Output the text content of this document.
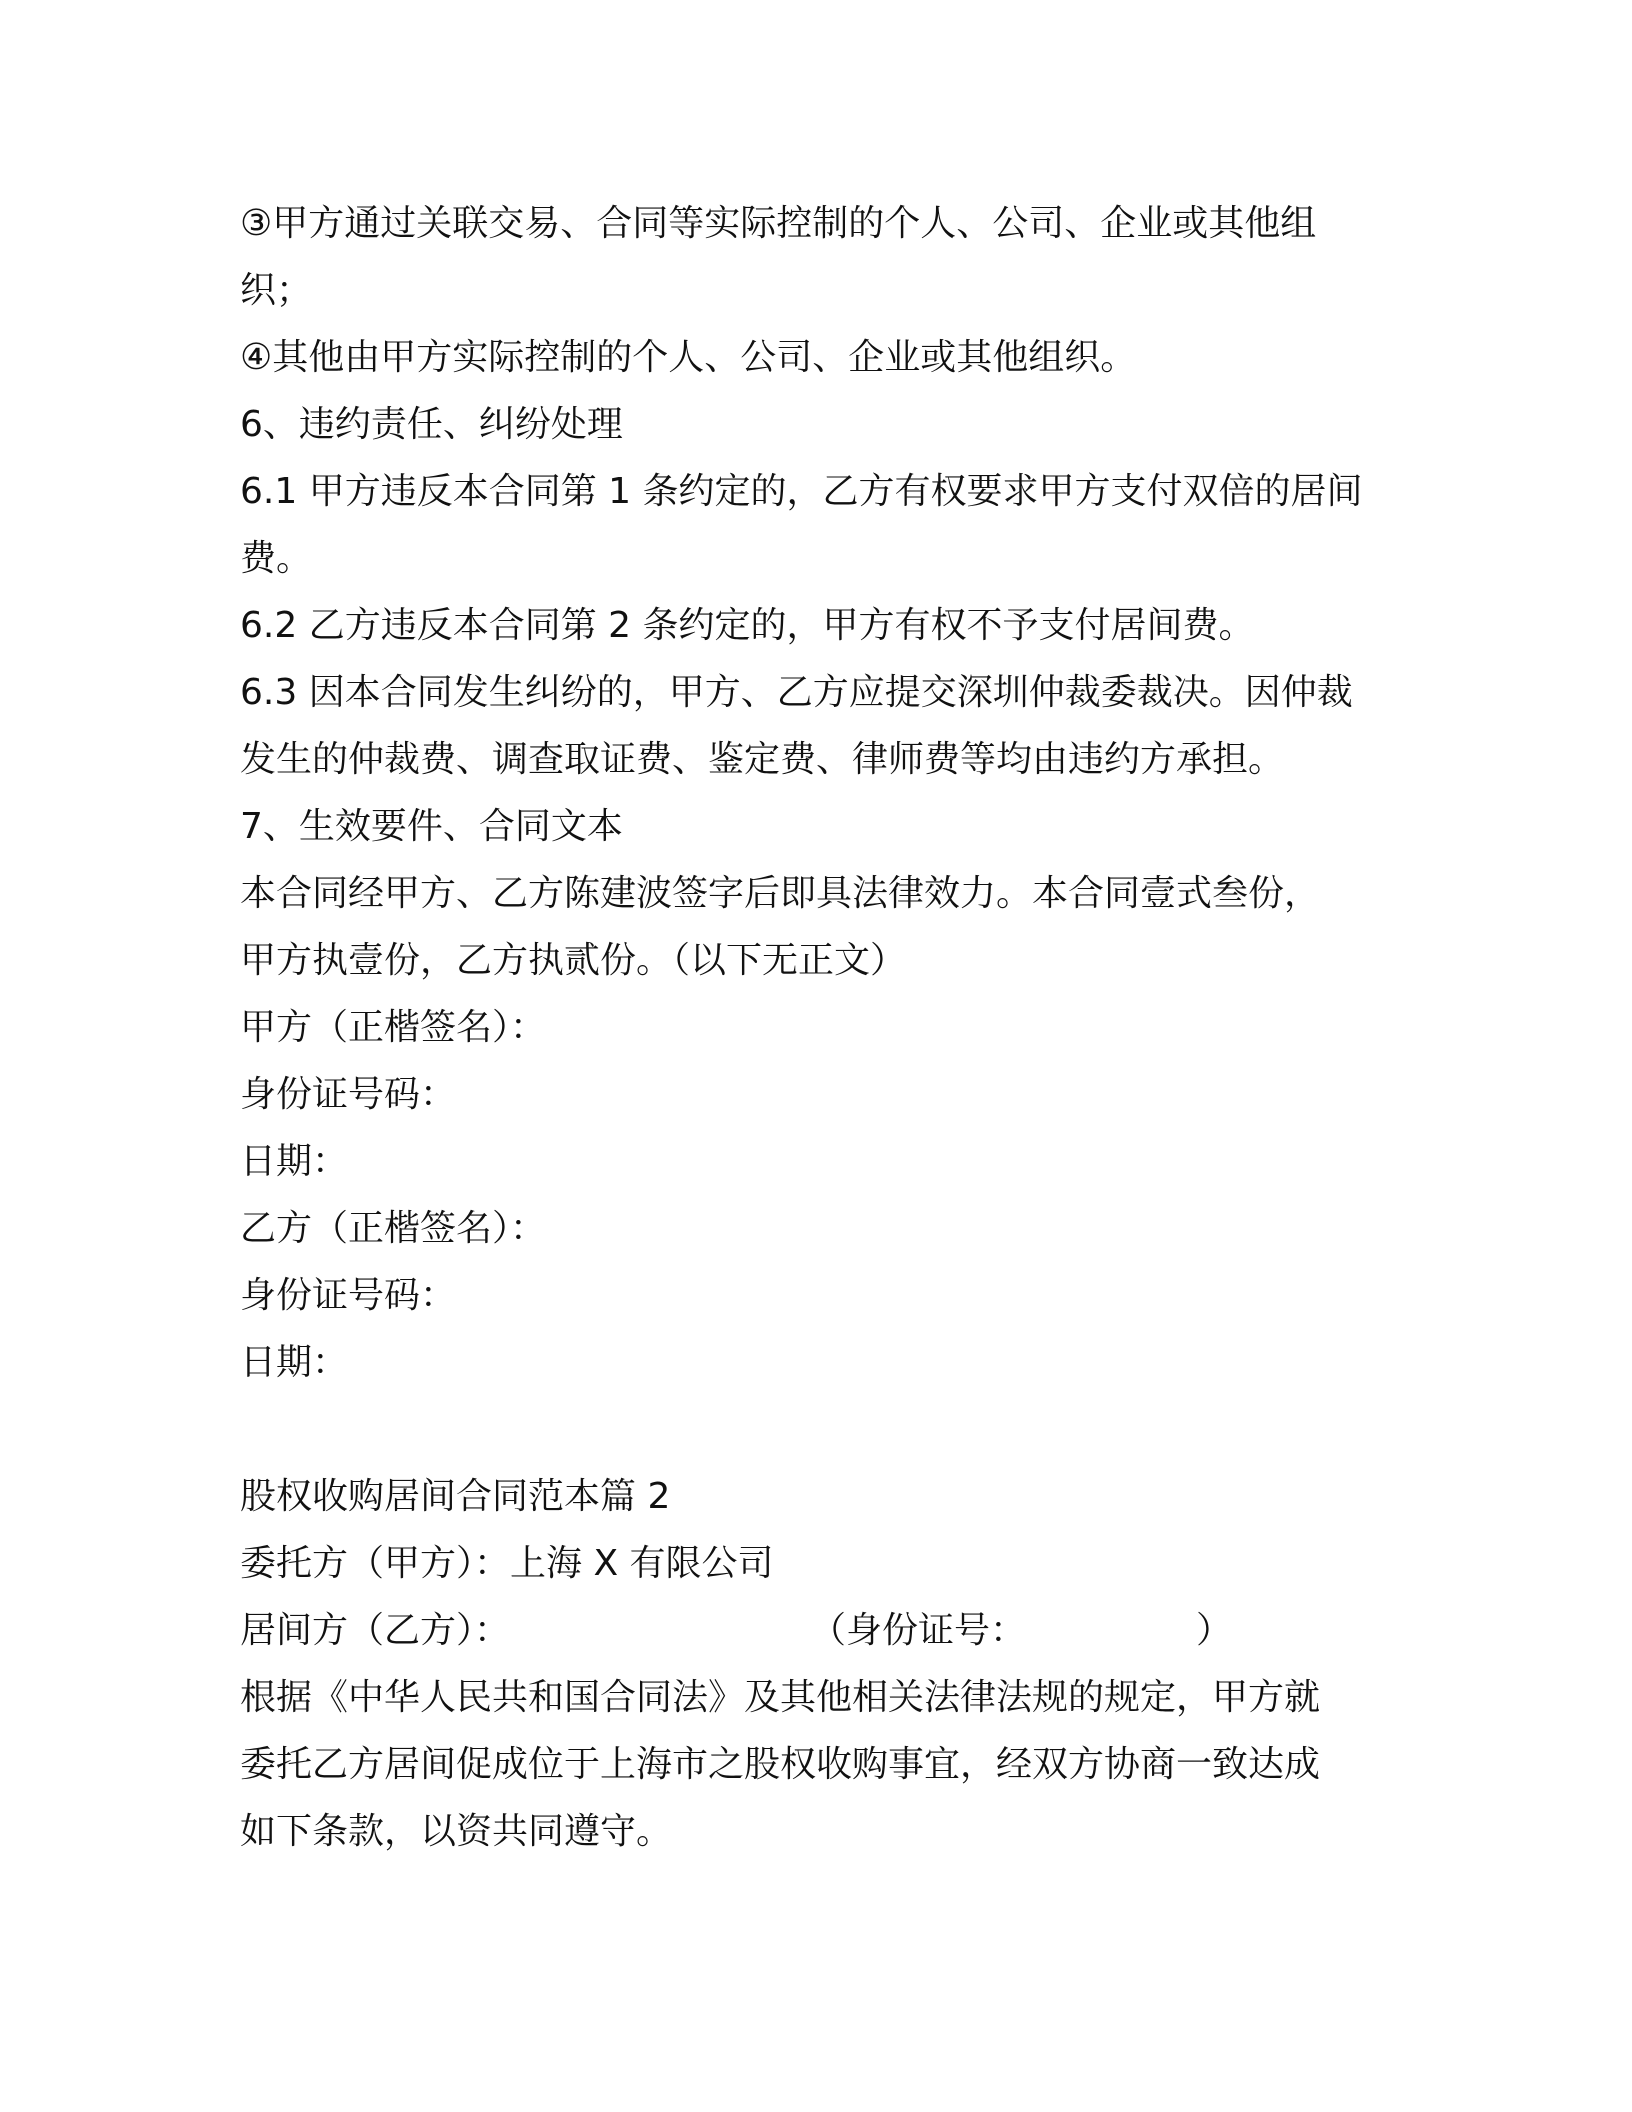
③甲方通过关联交易、合同等实际控制的个人、公司、企业或其他组
织；
④其他由甲方实际控制的个人、公司、企业或其他组织。
6、违约责任、纠纷处理
6.1 甲方违反本合同第 1 条约定的，乙方有权要求甲方支付双倍的居间
费。
6.2 乙方违反本合同第 2 条约定的，甲方有权不予支付居间费。
6.3 因本合同发生纠纷的，甲方、乙方应提交深圳仲裁委裁决。因仲裁
发生的仲裁费、调查取证费、鉴定费、律师费等均由违约方承担。
7、生效要件、合同文本
本合同经甲方、乙方陈建波签字后即具法律效力。本合同壹式叁份，
甲方执壹份，乙方执贰份。（以下无正文）
甲方（正楷签名）：
身份证号码：
日期：
乙方（正楷签名）：
身份证号码：
日期：
股权收购居间合同范本篇 2
委托方（甲方）：上海 X 有限公司
居间方（乙方）：	（身份证号：	）
根据《中华人民共和国合同法》及其他相关法律法规的规定，甲方就
委托乙方居间促成位于上海市之股权收购事宜，经双方协商一致达成
如下条款，以资共同遵守。
